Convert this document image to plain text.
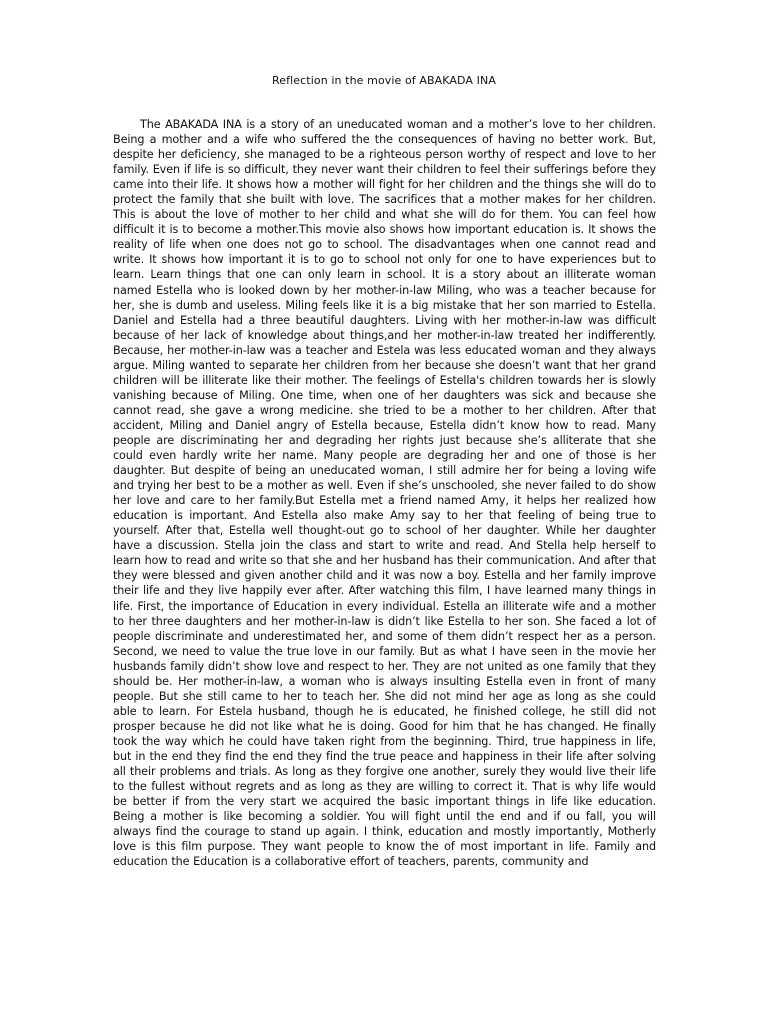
Reflection in the movie of ABAKADA INA

The ABAKADA INA is a story of an uneducated woman and a mother’s love to her children. Being a mother and a wife who suffered the the consequences of having no better work. But, despite her deficiency, she managed to be a righteous person worthy of respect and love to her family. Even if life is so difficult, they never want their children to feel their sufferings before they came into their life. It shows how a mother will fight for her children and the things she will do to protect the family that she built with love. The sacrifices that a mother makes for her children. This is about the love of mother to her child and what she will do for them. You can feel how difficult it is to become a mother.This movie also shows how important education is. It shows the reality of life when one does not go to school. The disadvantages when one cannot read and write. It shows how important it is to go to school not only for one to have experiences but to learn. Learn things that one can only learn in school. It is a story about an illiterate woman named Estella who is looked down by her mother-in-law Miling, who was a teacher because for her, she is dumb and useless. Miling feels like it is a big mistake that her son married to Estella. Daniel and Estella had a three beautiful daughters. Living with her mother-in-law was difficult because of her lack of knowledge about things,and her mother-in-law treated her indifferently. Because, her mother-in-law was a teacher and Estela was less educated woman and they always argue. Miling wanted to separate her children from her because she doesn’t want that her grand children will be illiterate like their mother. The feelings of Estella's children towards her is slowly vanishing because of Miling. One time, when one of her daughters was sick and because she cannot read, she gave a wrong medicine. she tried to be a mother to her children. After that accident, Miling and Daniel angry of Estella because, Estella didn’t know how to read. Many people are discriminating her and degrading her rights just because she’s alliterate that she could even hardly write her name. Many people are degrading her and one of those is her daughter. But despite of being an uneducated woman, I still admire her for being a loving wife and trying her best to be a mother as well. Even if she’s unschooled, she never failed to do show her love and care to her family.But Estella met a friend named Amy, it helps her realized how education is important. And Estella also make Amy say to her that feeling of being true to yourself. After that, Estella well thought-out go to school of her daughter. While her daughter have a discussion. Stella join the class and start to write and read. And Stella help herself to learn how to read and write so that she and her husband has their communication. And after that they were blessed and given another child and it was now a boy. Estella and her family improve their life and they live happily ever after. After watching this film, I have learned many things in life. First, the importance of Education in every individual. Estella an illiterate wife and a mother to her three daughters and her mother-in-law is didn’t like Estella to her son. She faced a lot of people discriminate and underestimated her, and some of them didn’t respect her as a person. Second, we need to value the true love in our family. But as what I have seen in the movie her husbands family didn’t show love and respect to her. They are not united as one family that they should be. Her mother-in-law, a woman who is always insulting Estella even in front of many people. But she still came to her to teach her. She did not mind her age as long as she could able to learn. For Estela husband, though he is educated, he finished college, he still did not prosper because he did not like what he is doing. Good for him that he has changed. He finally took the way which he could have taken right from the beginning. Third, true happiness in life, but in the end they find the end they find the true peace and happiness in their life after solving all their problems and trials. As long as they forgive one another, surely they would live their life to the fullest without regrets and as long as they are willing to correct it. That is why life would be better if from the very start we acquired the basic important things in life like education. Being a mother is like becoming a soldier. You will fight until the end and if ou fall, you will always find the courage to stand up again. I think, education and mostly importantly, Motherly love is this film purpose. They want people to know the of most important in life. Family and education the Education is a collaborative effort of teachers, parents, community and
